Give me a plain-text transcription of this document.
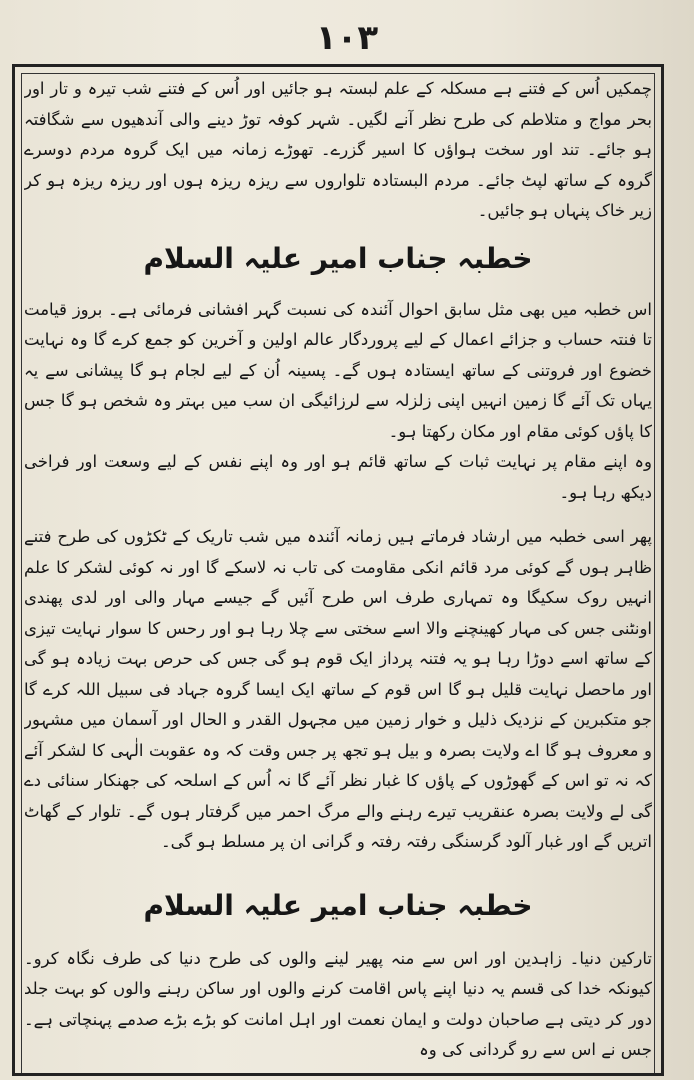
١٠٣

چمکیں اُس کے فتنے ہے مسکلہ کے علم لبستہ ہو جائیں اور اُس کے فتنے شب تیرہ و تار اور بحر مواج و متلاطم کی طرح نظر آنے لگیں۔ شہر کوفہ توڑ دینے والی آندھیوں سے شگافتہ ہو جائے۔ تند اور سخت ہواؤں کا اسیر گزرے۔ تھوڑے زمانہ میں ایک گروہ مردم دوسرے گروہ کے ساتھ لپٹ جائے۔ مردم البستادہ تلواروں سے ریزہ ریزہ ہوں اور ریزہ ریزہ ہو کر زیر خاک پنہاں ہو جائیں۔

خطبہ جناب امیر علیہ السلام

اس خطبہ میں بھی مثل سابق احوال آئندہ کی نسبت گہر افشانی فرمائی ہے۔ بروز قیامت تا فنتہ حساب و جزائے اعمال کے لیے پروردگار عالم اولین و آخرین کو جمع کرے گا وہ نہایت خضوع اور فروتنی کے ساتھ ایستادہ ہوں گے۔ پسینہ اُن کے لیے لجام ہو گا پیشانی سے یہ یہاں تک آئے گا زمین انہیں اپنی زلزلہ سے لرزائیگی ان سب میں بہتر وہ شخص ہو گا جس کا پاؤں کوئی مقام اور مکان رکھتا ہو۔

وہ اپنے مقام پر نہایت ثبات کے ساتھ قائم ہو اور وہ اپنے نفس کے لیے وسعت اور فراخی دیکھ رہا ہو۔

پھر اسی خطبہ میں ارشاد فرماتے ہیں زمانہ آئندہ میں شب تاریک کے ٹکڑوں کی طرح فتنے ظاہر ہوں گے کوئی مرد قائم انکی مقاومت کی تاب نہ لاسکے گا اور نہ کوئی لشکر کا علم انہیں روک سکیگا وہ تمہاری طرف اس طرح آئیں گے جیسے مہار والی اور لدی پھندی اونٹنی جس کی مہار کھینچنے والا اسے سختی سے چلا رہا ہو اور رحس کا سوار نہایت تیزی کے ساتھ اسے دوڑا رہا ہو یہ فتنہ پرداز ایک قوم ہو گی جس کی حرص بہت زیادہ ہو گی اور ماحصل نہایت قلیل ہو گا اس قوم کے ساتھ ایک ایسا گروہ جہاد فی سبیل اللہ کرے گا جو متکبرین کے نزدیک ذلیل و خوار زمین میں مجہول القدر و الحال اور آسمان میں مشہور و معروف ہو گا اے ولایت بصرہ و بیل ہو تجھ پر جس وقت کہ وہ عقوبت الٰہی کا لشکر آئے کہ نہ تو اس کے گھوڑوں کے پاؤں کا غبار نظر آئے گا نہ اُس کے اسلحہ کی جھنکار سنائی دے گی لے ولایت بصرہ عنقریب تیرے رہنے والے مرگ احمر میں گرفتار ہوں گے۔ تلوار کے گھاٹ اتریں گے اور غبار آلود گرسنگی رفتہ رفتہ و گرانی ان پر مسلط ہو گی۔

خطبہ جناب امیر علیہ السلام

تارکین دنیا۔ زاہدین اور اس سے منہ پھیر لینے والوں کی طرح دنیا کی طرف نگاہ کرو۔ کیونکہ خدا کی قسم یہ دنیا اپنے پاس اقامت کرنے والوں اور ساکن رہنے والوں کو بہت جلد دور کر دیتی ہے صاحبان دولت و ایمان نعمت اور اہل امانت کو بڑے بڑے صدمے پہنچاتی ہے۔ جس نے اس سے رو گردانی کی وہ
